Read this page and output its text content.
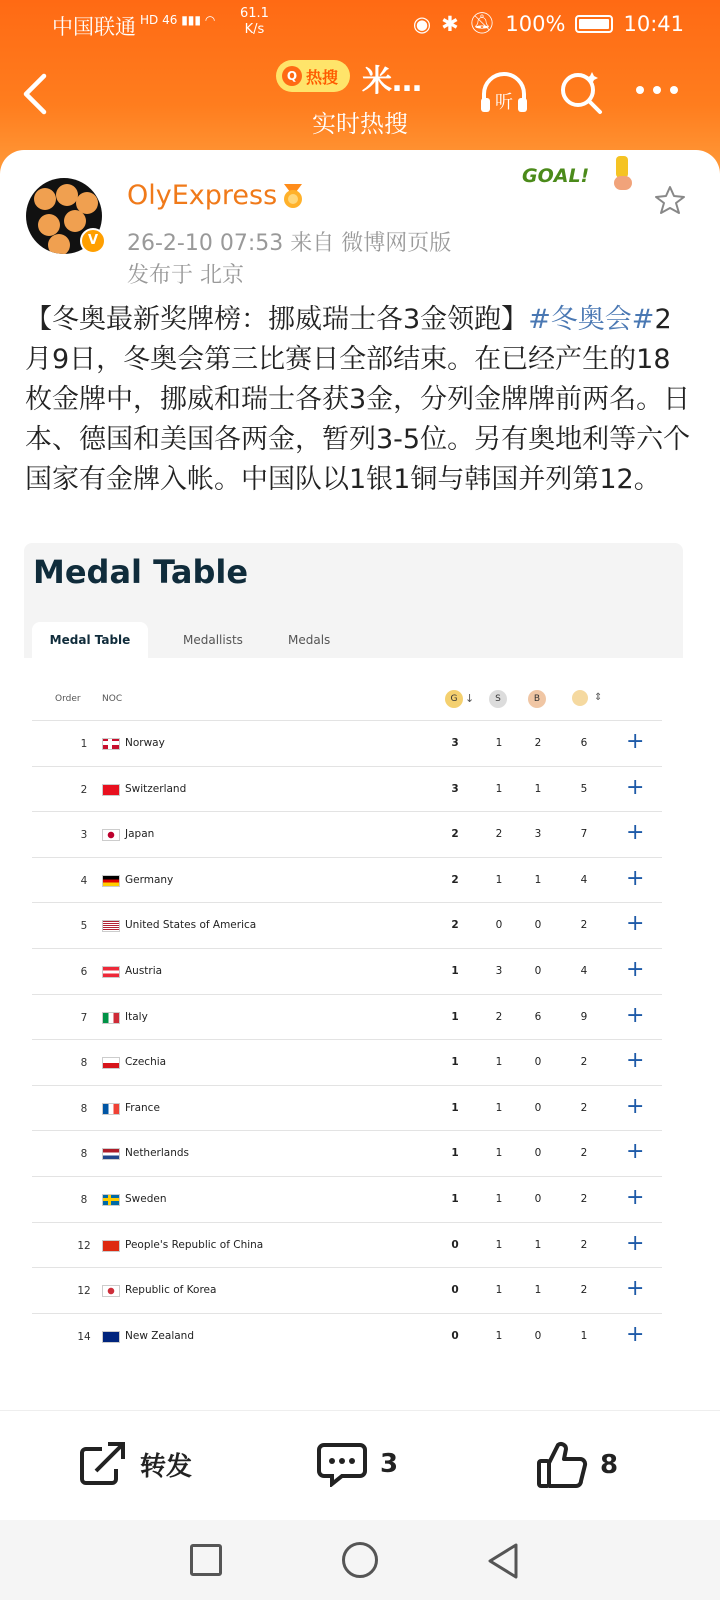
中国联通 HD 46 ▮▮▮ ◠ 61.1
K/s	◉ ✱ 🔕︎ 100%	10:41
Q 热搜 米…
实时热搜
听
V
OlyExpress
26-2-10 07:53 来自 微博网页版
发布于 北京
GOAL!
【冬奥最新奖牌榜：挪威瑞士各3金领跑】#冬奥会#2月9日，冬奥会第三比赛日全部结束。在已经产生的18枚金牌中，挪威和瑞士各获3金，分列金牌牌前两名。日本、德国和美国各两金，暂列3-5位。另有奥地利等六个国家有金牌入帐。中国队以1银1铜与韩国并列第12。
Medal Table
Medal Table	Medallists	Medals
Order NOC	G ↓	S	B	⇕
1	Norway	3	1	2	6 +
2	Switzerland	3	1	1	5 +
3	Japan	2	2	3	7 +
4	Germany	2	1	1	4 +
5	United States of America	2	0	0	2 +
6	Austria	1	3	0	4 +
7	Italy	1	2	6	9 +
8	Czechia	1	1	0	2 +
8	France	1	1	0	2 +
8	Netherlands	1	1	0	2 +
8	Sweden	1	1	0	2 +
12	People's Republic of China	0	1	1	2 +
12	Republic of Korea	0	1	1	2 +
14	New Zealand	0	1	0	1 +
转发	3	8
